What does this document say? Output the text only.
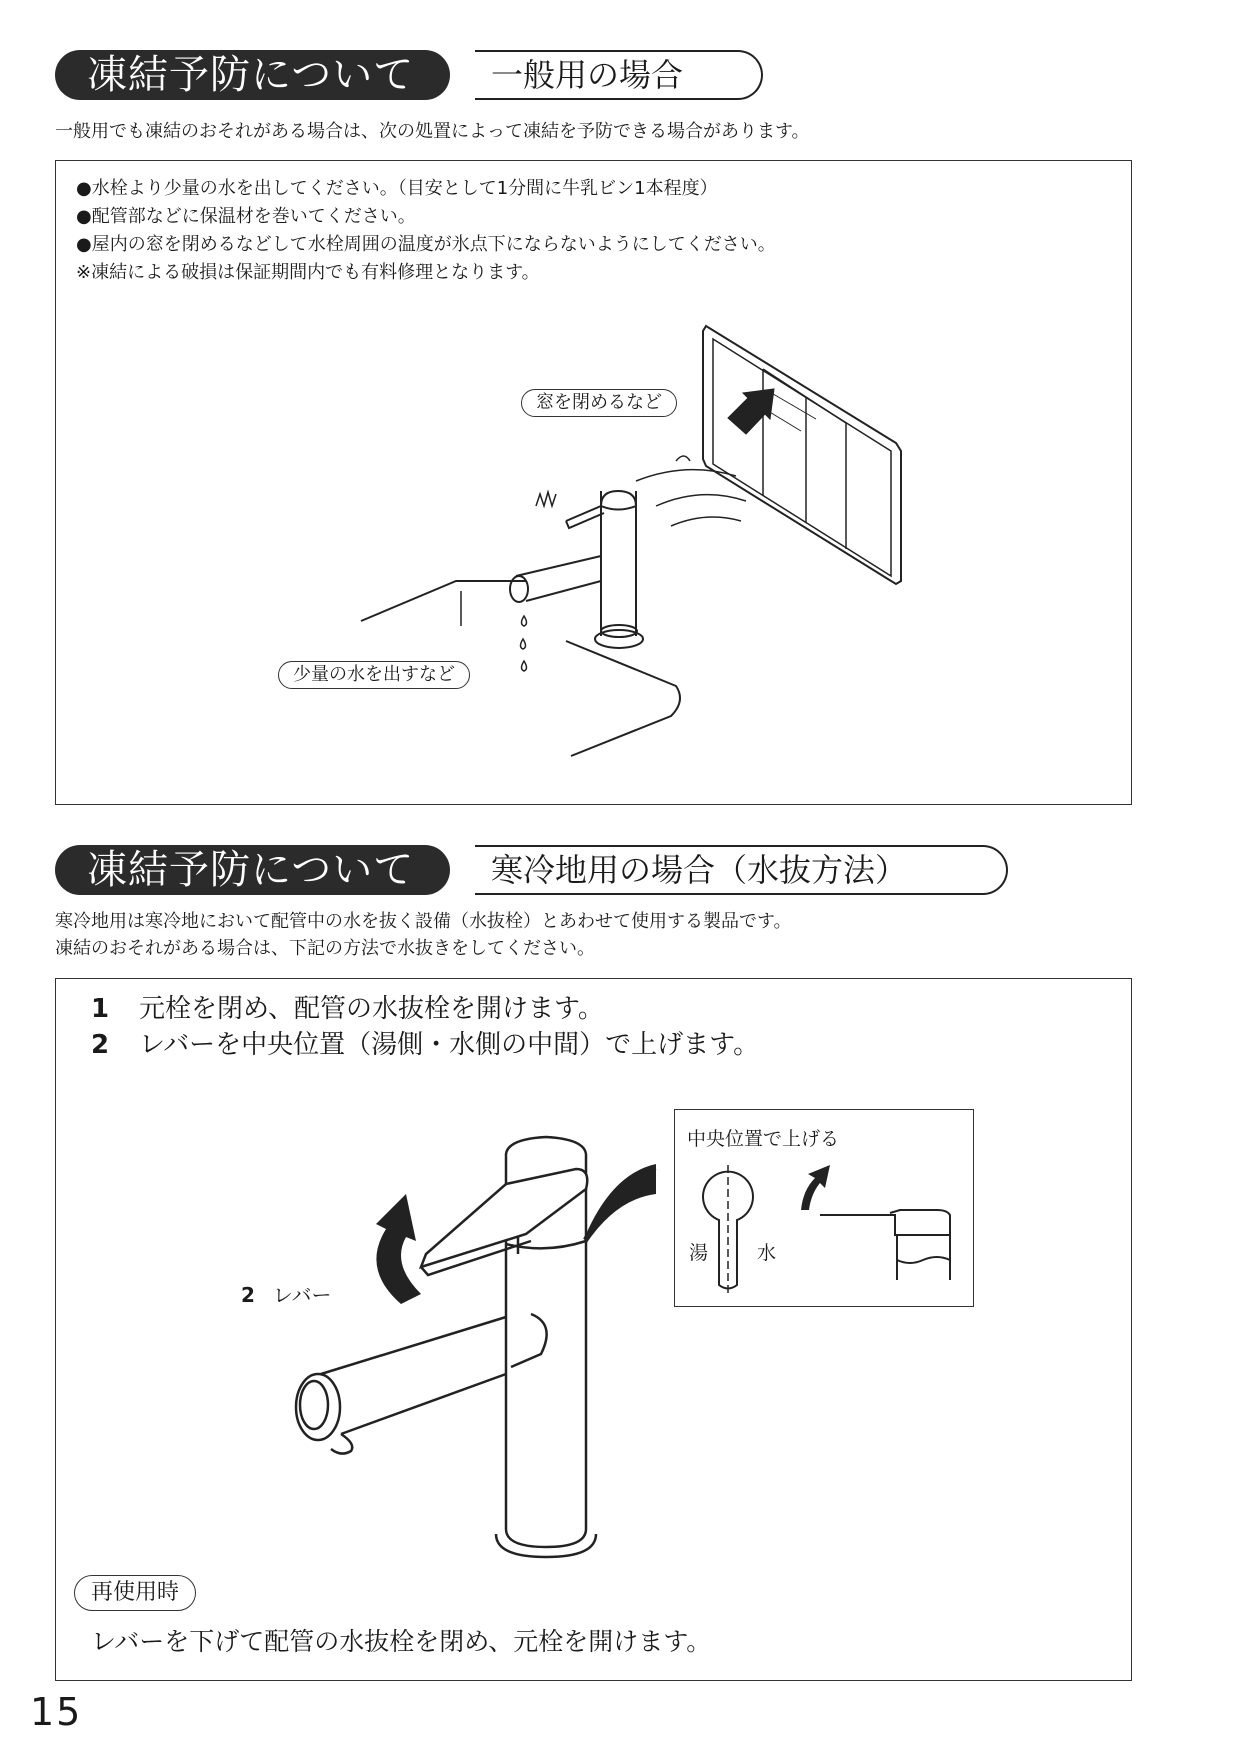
一般用の場合
凍結予防について
一般用でも凍結のおそれがある場合は、次の処置によって凍結を予防できる場合があります。
●水栓より少量の水を出してください。（目安として1分間に牛乳ビン1本程度）
●配管部などに保温材を巻いてください。
●屋内の窓を閉めるなどして水栓周囲の温度が氷点下にならないようにしてください。
※凍結による破損は保証期間内でも有料修理となります。
窓を閉めるなど
少量の水を出すなど
寒冷地用の場合（水抜方法）
凍結予防について
寒冷地用は寒冷地において配管中の水を抜く設備（水抜栓）とあわせて使用する製品です。
凍結のおそれがある場合は、下記の方法で水抜きをしてください。
1 元栓を閉め、配管の水抜栓を開けます。
2 レバーを中央位置（湯側・水側の中間）で上げます。
2 レバー
中央位置で上げる
湯	水
再使用時
レバーを下げて配管の水抜栓を閉め、元栓を開けます。
15
